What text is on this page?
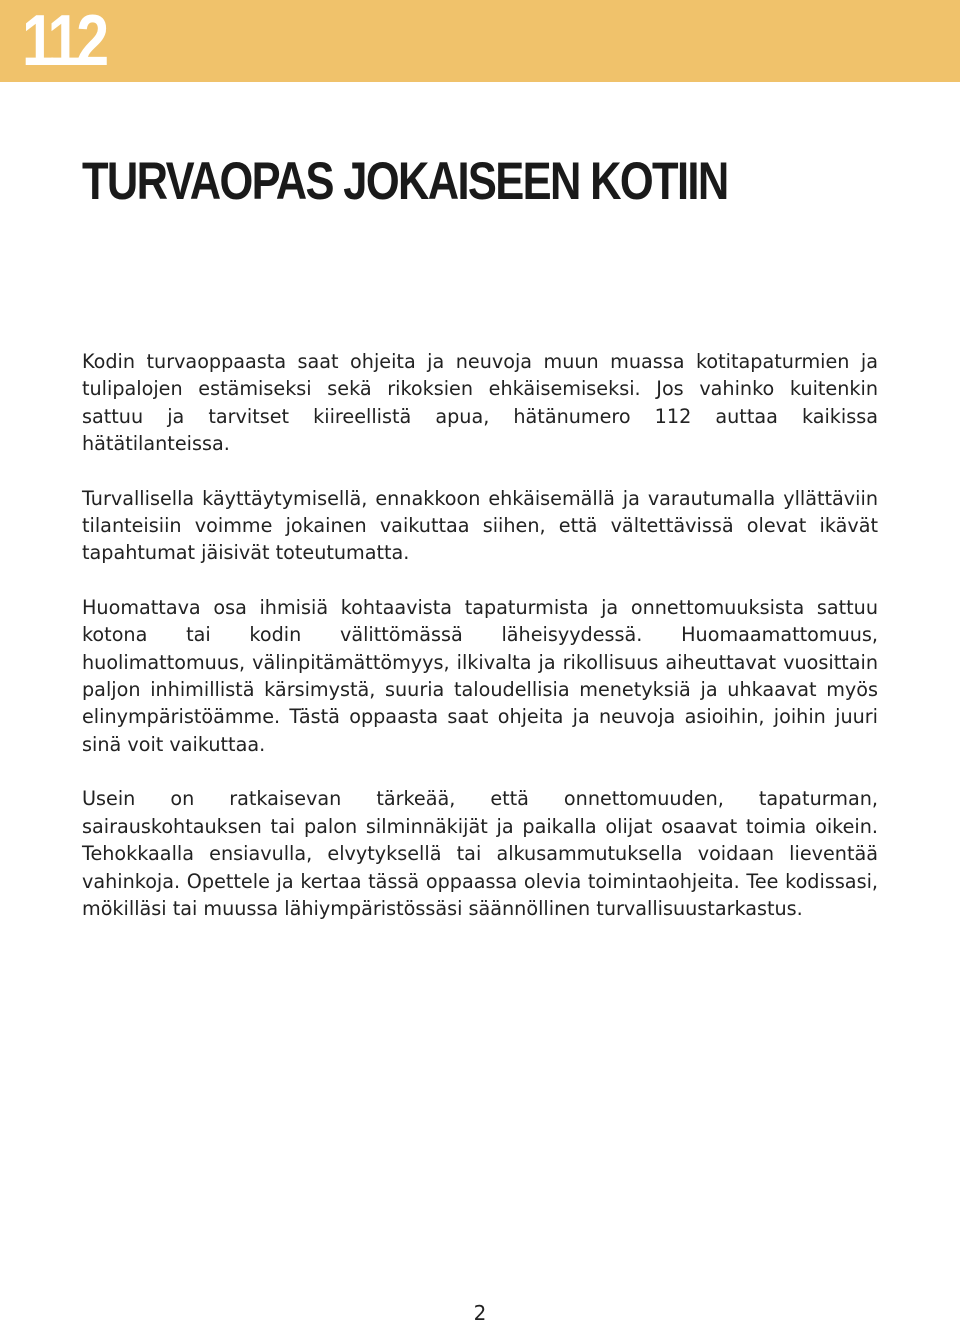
112
TURVAOPAS JOKAISEEN KOTIIN

Kodin turvaoppaasta saat ohjeita ja neuvoja muun muassa kotitapaturmien ja tulipalojen estämiseksi sekä rikoksien ehkäisemiseksi. Jos vahinko kuitenkin sattuu ja tarvitset kiireellistä apua, hätänumero 112 auttaa kaikissa hätätilanteissa.

Turvallisella käyttäytymisellä, ennakkoon ehkäisemällä ja varautumalla yllättäviin tilanteisiin voimme jokainen vaikuttaa siihen, että vältettävissä olevat ikävät tapahtumat jäisivät toteutumatta.

Huomattava osa ihmisiä kohtaavista tapaturmista ja onnettomuuksista sattuu kotona tai kodin välittömässä läheisyydessä. Huomaamattomuus, huolimattomuus, välinpitämättömyys, ilkivalta ja rikollisuus aiheuttavat vuosittain paljon inhimillistä kärsimystä, suuria taloudellisia menetyksiä ja uhkaavat myös elinympäristöämme. Tästä oppaasta saat ohjeita ja neuvoja asioihin, joihin juuri sinä voit vaikuttaa.

Usein on ratkaisevan tärkeää, että onnettomuuden, tapaturman, sairauskohtauksen tai palon silminnäkijät ja paikalla olijat osaavat toimia oikein. Tehokkaalla ensiavulla, elvytyksellä tai alkusammutuksella voidaan lieventää vahinkoja. Opettele ja kertaa tässä oppaassa olevia toimintaohjeita. Tee kodissasi, mökilläsi tai muussa lähiympäristössäsi säännöllinen turvallisuustarkastus.

2
